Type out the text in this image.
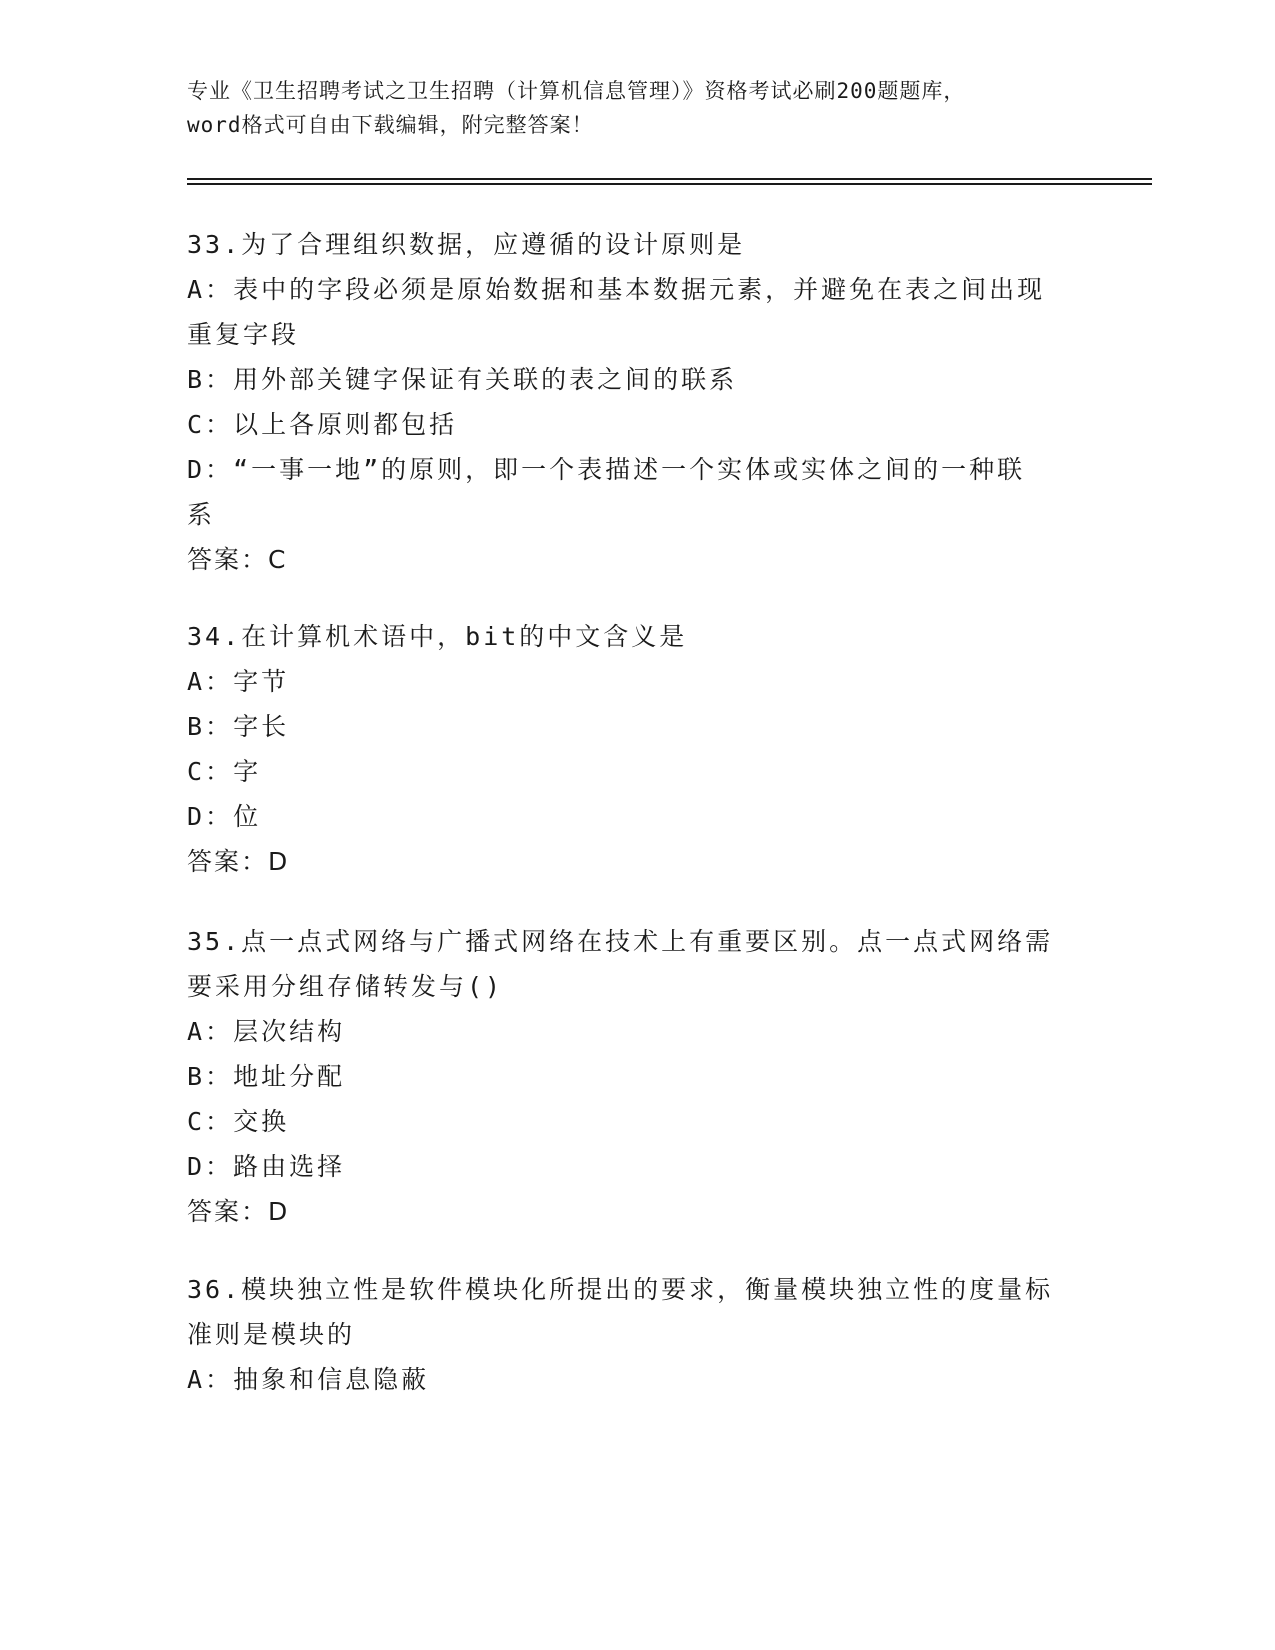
专业《卫生招聘考试之卫生招聘（计算机信息管理）》资格考试必刷200题题库，
word格式可自由下载编辑，附完整答案！
33.为了合理组织数据，应遵循的设计原则是
A：表中的字段必须是原始数据和基本数据元素，并避免在表之间出现
重复字段
B：用外部关键字保证有关联的表之间的联系
C：以上各原则都包括
D：“一事一地”的原则，即一个表描述一个实体或实体之间的一种联
系
答案：C
34.在计算机术语中，bit的中文含义是
A：字节
B：字长
C：字
D：位
答案：D
35.点一点式网络与广播式网络在技术上有重要区别。点一点式网络需
要采用分组存储转发与()
A：层次结构
B：地址分配
C：交换
D：路由选择
答案：D
36.模块独立性是软件模块化所提出的要求，衡量模块独立性的度量标
准则是模块的
A：抽象和信息隐蔽
